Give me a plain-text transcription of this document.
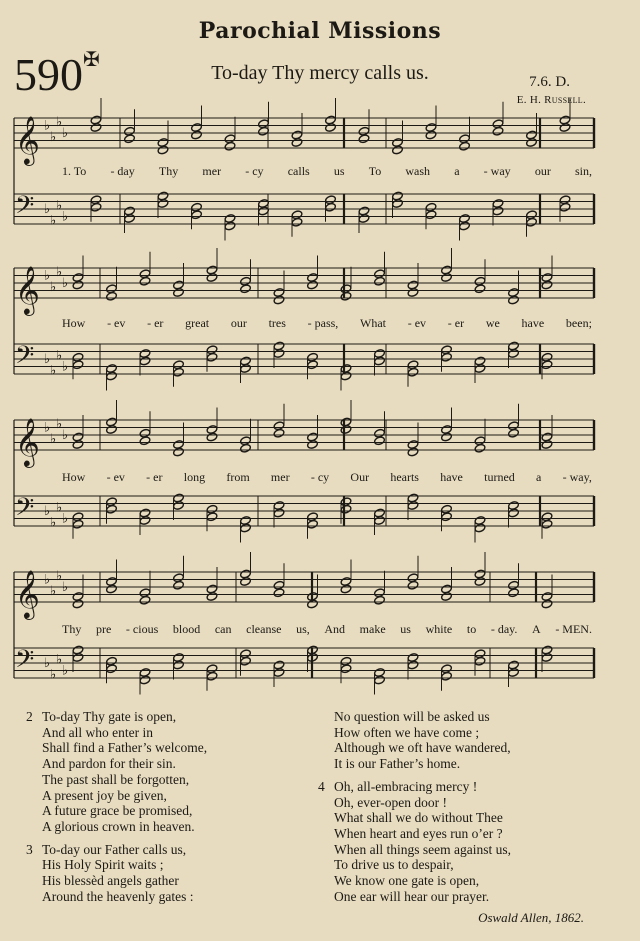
Parochial Missions
590✠
To-day Thy mercy calls us.	7.6. D.
E. H. Russell.
𝄞 ♭
♭
♭
♭
𝄢 ♭
♭
♭
♭
𝄞 ♭
♭
♭
♭
𝄢 ♭
♭
♭
♭
𝄞 ♭
♭
♭
♭
𝄢 ♭
♭
♭
♭
𝄞 ♭
♭
♭
♭
𝄢 ♭
♭
♭
♭
1. To - day Thy mer - cy calls us To wash a - way our sin,
How - ev - er great our tres - pass, What - ev - er we have been;
How - ev - er long from mer - cy Our hearts have turned a - way,
Thy pre - cious blood can cleanse us, And make us white to - day. A - MEN.
2 To-day Thy gate is open,
And all who enter in
Shall find a Father’s welcome,
And pardon for their sin.
The past shall be forgotten,
A present joy be given,
A future grace be promised,
A glorious crown in heaven.
3 To-day our Father calls us,
His Holy Spirit waits ;
His blessèd angels gather
Around the heavenly gates :
No question will be asked us
How often we have come ;
Although we oft have wandered,
It is our Father’s home.
4 Oh, all-embracing mercy !
Oh, ever-open door !
What shall we do without Thee
When heart and eyes run o’er ?
When all things seem against us,
To drive us to despair,
We know one gate is open,
One ear will hear our prayer.
Oswald Allen, 1862.
